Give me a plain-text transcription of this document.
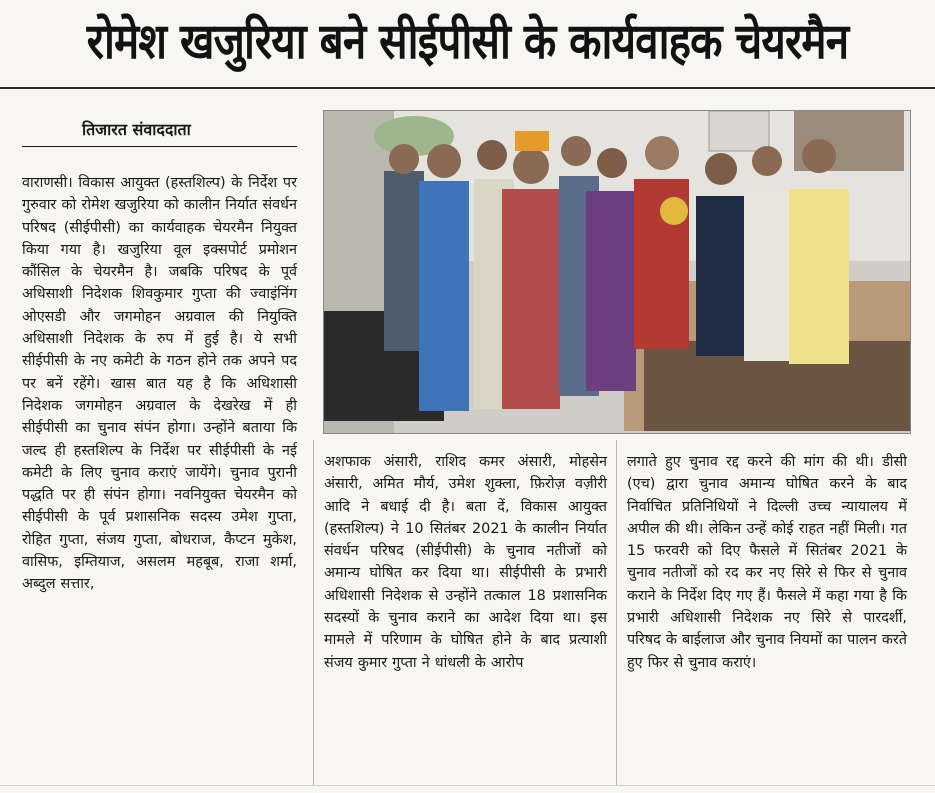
रोमेश खजुरिया बने सीईपीसी के कार्यवाहक चेयरमैन
तिजारत संवाददाता

वाराणसी। विकास आयुक्त (हस्तशिल्प) के निर्देश पर गुरुवार को रोमेश खजुरिया को कालीन निर्यात संवर्धन परिषद (सीईपीसी) का कार्यवाहक चेयरमैन नियुक्त किया गया है। खजुरिया वूल इक्सपोर्ट प्रमोशन कौंसिल के चेयरमैन है। जबकि परिषद के पूर्व अधिसाशी निदेशक शिवकुमार गुप्ता की ज्वाइंनिंग ओएसडी और जगमोहन अग्रवाल की नियुक्ति अधिसाशी निदेशक के रुप में हुई है। ये सभी सीईपीसी के नए कमेटी के गठन होने तक अपने पद पर बनें रहेंगे। खास बात यह है कि अधिशासी निदेशक जगमोहन अग्रवाल के देखरेख में ही सीईपीसी का चुनाव संपंन होगा। उन्होंने बताया कि जल्द ही हस्तशिल्प के निर्देश पर सीईपीसी के नई कमेटी के लिए चुनाव कराएं जायेंगे। चुनाव पुरानी पद्धति पर ही संपंन होगा। नवनियुक्त चेयरमैन को सीईपीसी के पूर्व प्रशासनिक सदस्य उमेश गुप्ता, रोहित गुप्ता, संजय गुप्ता, बोधराज, कैप्टन मुकेश, वासिफ, इम्तियाज, असलम महबूब, राजा शर्मा, अब्दुल सत्तार,

अशफाक अंसारी, राशिद कमर अंसारी, मोहसेन अंसारी, अमित मौर्य, उमेश शुक्ला, फ़िरोज़ वज़ीरी आदि ने बधाई दी है। बता दें, विकास आयुक्त (हस्तशिल्प) ने 10 सितंबर 2021 के कालीन निर्यात संवर्धन परिषद (सीईपीसी) के चुनाव नतीजों को अमान्य घोषित कर दिया था। सीईपीसी के प्रभारी अधिशासी निदेशक से उन्होंने तत्काल 18 प्रशासनिक सदस्यों के चुनाव कराने का आदेश दिया था। इस मामले में परिणाम के घोषित होने के बाद प्रत्याशी संजय कुमार गुप्ता ने धांधली के आरोप

लगाते हुए चुनाव रद्द करने की मांग की थी। डीसी (एच) द्वारा चुनाव अमान्य घोषित करने के बाद निर्वाचित प्रतिनिधियों ने दिल्ली उच्च न्यायालय में अपील की थी। लेकिन उन्हें कोई राहत नहीं मिली। गत 15 फरवरी को दिए फैसले में सितंबर 2021 के चुनाव नतीजों को रद कर नए सिरे से फिर से चुनाव कराने के निर्देश दिए गए हैं। फैसले में कहा गया है कि प्रभारी अधिशासी निदेशक नए सिरे से पारदर्शी, परिषद के बाईलाज और चुनाव नियमों का पालन करते हुए फिर से चुनाव कराएं।
